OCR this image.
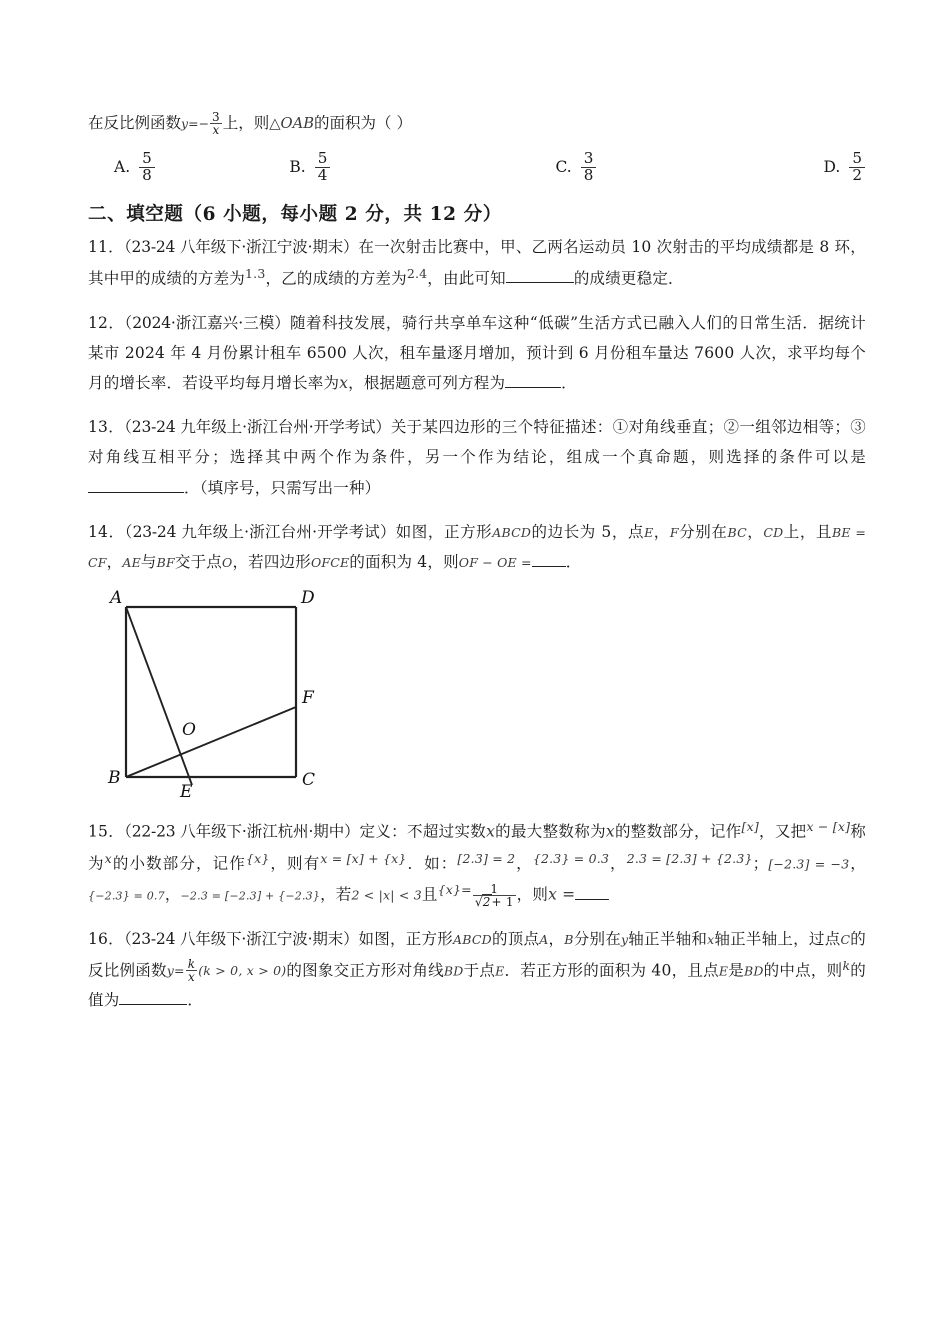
在反比例函数$y=- \frac{3}{x}$ 上，则△OAB的面积为（ ）
A. $\frac{5}{8}$	B. $\frac{5}{4}$	C. $\frac{3}{8}$	D. $\frac{5}{2}$
二、填空题（6 小题，每小题 2 分，共 12 分）
11．（23-24 八年级下·浙江宁波·期末）在一次射击比赛中，甲、乙两名运动员 10 次射击的平均成绩都是 8 环，其中甲的成绩的方差为1.3，乙的成绩的方差为2.4，由此可知	的成绩更稳定．
12．（2024·浙江嘉兴·三模）随着科技发展，骑行共享单车这种“低碳”生活方式已融入人们的日常生活．据统计某市 2024 年 4 月份累计租车 6500 人次，租车量逐月增加，预计到 6 月份租车量达 7600 人次，求平均每个月的增长率．若设平均每月增长率为x，根据题意可列方程为	．
13．（23-24 九年级上·浙江台州·开学考试）关于某四边形的三个特征描述：①对角线垂直；②一组邻边相等；③对角线互相平分；选择其中两个作为条件，另一个作为结论，组成一个真命题，则选择的条件可以是．（填序号，只需写出一种）
14．（23-24 九年级上·浙江台州·开学考试）如图，正方形ABCD的边长为 5，点E，F分别在BC，CD上，且BE = CF，AE与BF交于点O，若四边形OFCE的面积为 4，则OF − OE = ．
A	D
B	C
F
O
E
15．（22-23 八年级下·浙江杭州·期中）定义：不超过实数x的最大整数称为x的整数部分，记作[x]，又把x − [x]称为x的小数部分，记作{x}，则有x = [x] + {x}．如：[2.3] = 2，{2.3} = 0.3，2.3 = [2.3] + {2.3}；[−2.3] = −3，{−2.3} = 0.7，−2.3 = [−2.3] + {−2.3}，若2 < |x| < 3且$\{x\}= \frac{1}{√2+ 1}$ ，则x =
16．（23-24 八年级下·浙江宁波·期末）如图，正方形ABCD的顶点A，B分别在y轴正半轴和x轴正半轴上，过点C的反比例函数$y= \frac{k}{x} (k > 0$, x > 0)的图象交正方形对角线BD于点E．若正方形的面积为 40，且点E是BD的中点，则k的值为	．
